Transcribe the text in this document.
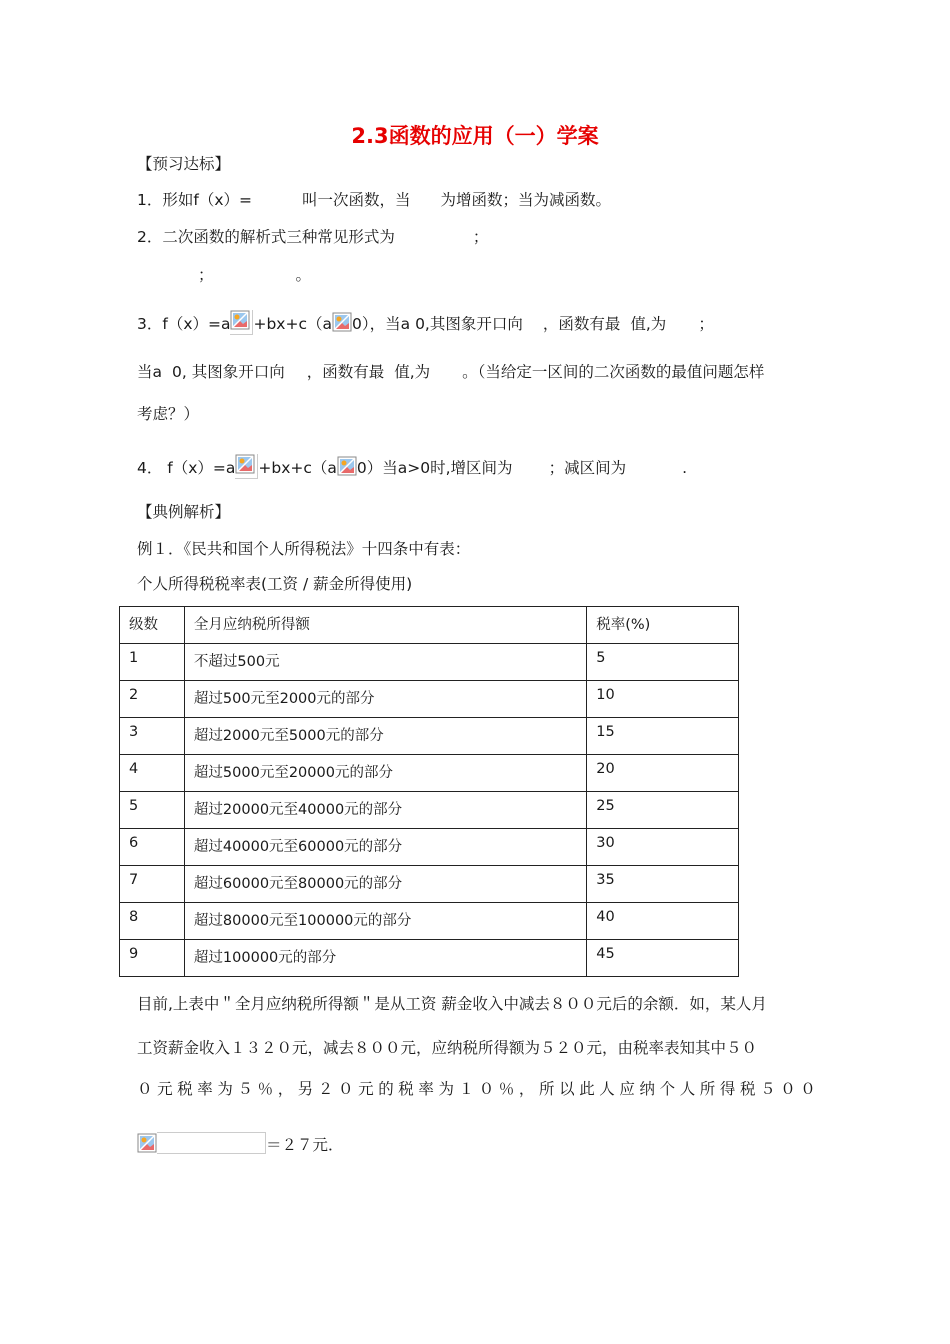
2.3函数的应用（一）学案
【预习达标】
1．形如f（x）=	叫一次函数，当 为增函数；当为减函数。
2．二次函数的解析式三种常见形式为	；
；	。
3．f（x）=a +bx+c（a 0），当a 0,其图象开口向 ，函数有最 值,为 ；
当a 0, 其图象开口向 ，函数有最 值,为 。（当给定一区间的二次函数的最值问题怎样
考虑？）
4． f（x）=a +bx+c（a 0）当a>0时,增区间为 ；减区间为	.
【典例解析】
例１．《民共和国个人所得税法》十四条中有表：
个人所得税税率表(工资 / 薪金所得使用)
级数	全月应纳税所得额	税率(%)
1	不超过500元	5
2	超过500元至2000元的部分	10
3	超过2000元至5000元的部分	15
4	超过5000元至20000元的部分	20
5	超过20000元至40000元的部分	25
6	超过40000元至60000元的部分	30
7	超过60000元至80000元的部分	35
8	超过80000元至100000元的部分	40
9	超过100000元的部分	45
目前,上表中＂全月应纳税所得额＂是从工资 薪金收入中减去８００元后的余额．如，某人月
工资薪金收入１３２０元，减去８００元，应纳税所得额为５２０元，由税率表知其中５０
０元税率为５％，另２０元的税率为１０％，所以此人应纳个人所得税５００
＝２７元．
